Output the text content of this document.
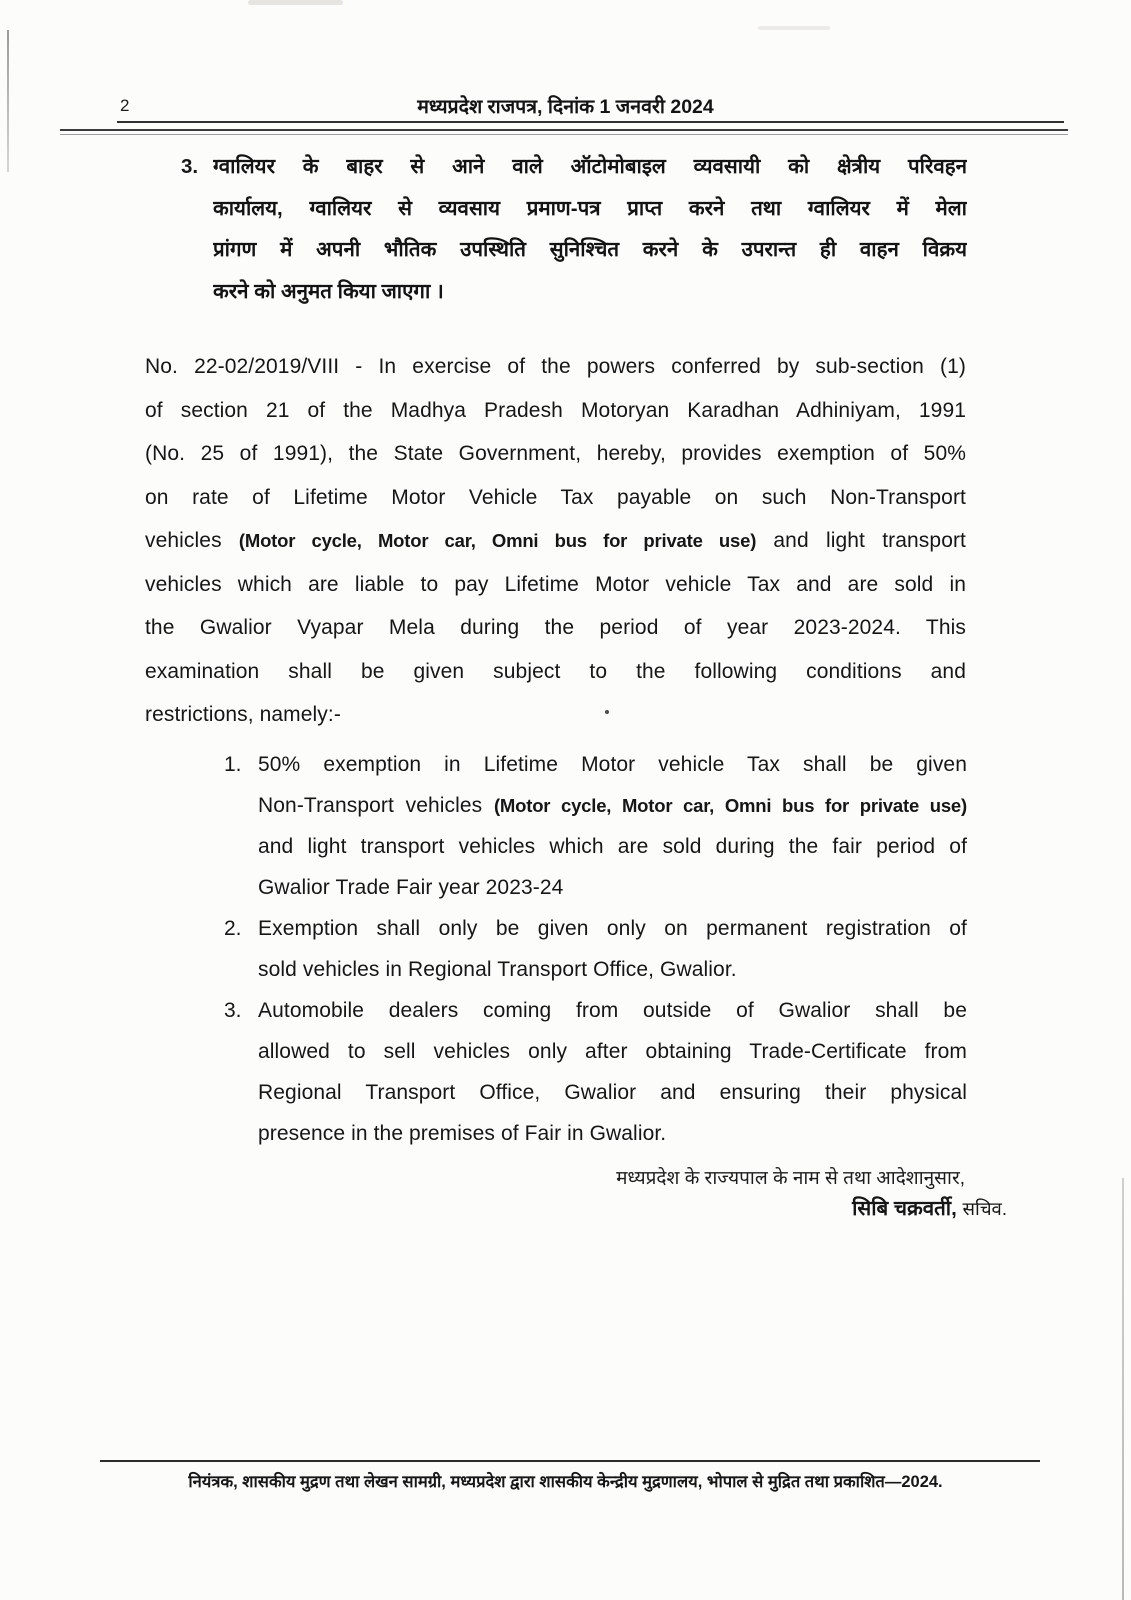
2	मध्यप्रदेश राजपत्र, दिनांक 1 जनवरी 2024
3. ग्वालियर के बाहर से आने वाले ऑटोमोबाइल व्यवसायी को क्षेत्रीय परिवहन
कार्यालय, ग्वालियर से व्यवसाय प्रमाण-पत्र प्राप्त करने तथा ग्वालियर में मेला
प्रांगण में अपनी भौतिक उपस्थिति सुनिश्चित करने के उपरान्त ही वाहन विक्रय
करने को अनुमत किया जाएगा ।
No. 22-02/2019/VIII - In exercise of the powers conferred by sub-section (1)
of section 21 of the Madhya Pradesh Motoryan Karadhan Adhiniyam, 1991
(No. 25 of 1991), the State Government, hereby, provides exemption of 50%
on rate of Lifetime Motor Vehicle Tax payable on such Non-Transport
vehicles (Motor cycle, Motor car, Omni bus for private use) and light transport
vehicles which are liable to pay Lifetime Motor vehicle Tax and are sold in
the Gwalior Vyapar Mela during the period of year 2023-2024. This
examination shall be given subject to the following conditions and
restrictions, namely:-
1. 50% exemption in Lifetime Motor vehicle Tax shall be given
Non-Transport vehicles (Motor cycle, Motor car, Omni bus for private use)
and light transport vehicles which are sold during the fair period of
Gwalior Trade Fair year 2023-24
2. Exemption shall only be given only on permanent registration of
sold vehicles in Regional Transport Office, Gwalior.
3. Automobile dealers coming from outside of Gwalior shall be
allowed to sell vehicles only after obtaining Trade-Certificate from
Regional Transport Office, Gwalior and ensuring their physical
presence in the premises of Fair in Gwalior.
मध्यप्रदेश के राज्यपाल के नाम से तथा आदेशानुसार,
सिबि चक्रवर्ती, सचिव.
नियंत्रक, शासकीय मुद्रण तथा लेखन सामग्री, मध्यप्रदेश द्वारा शासकीय केन्द्रीय मुद्रणालय, भोपाल से मुद्रित तथा प्रकाशित—2024.
